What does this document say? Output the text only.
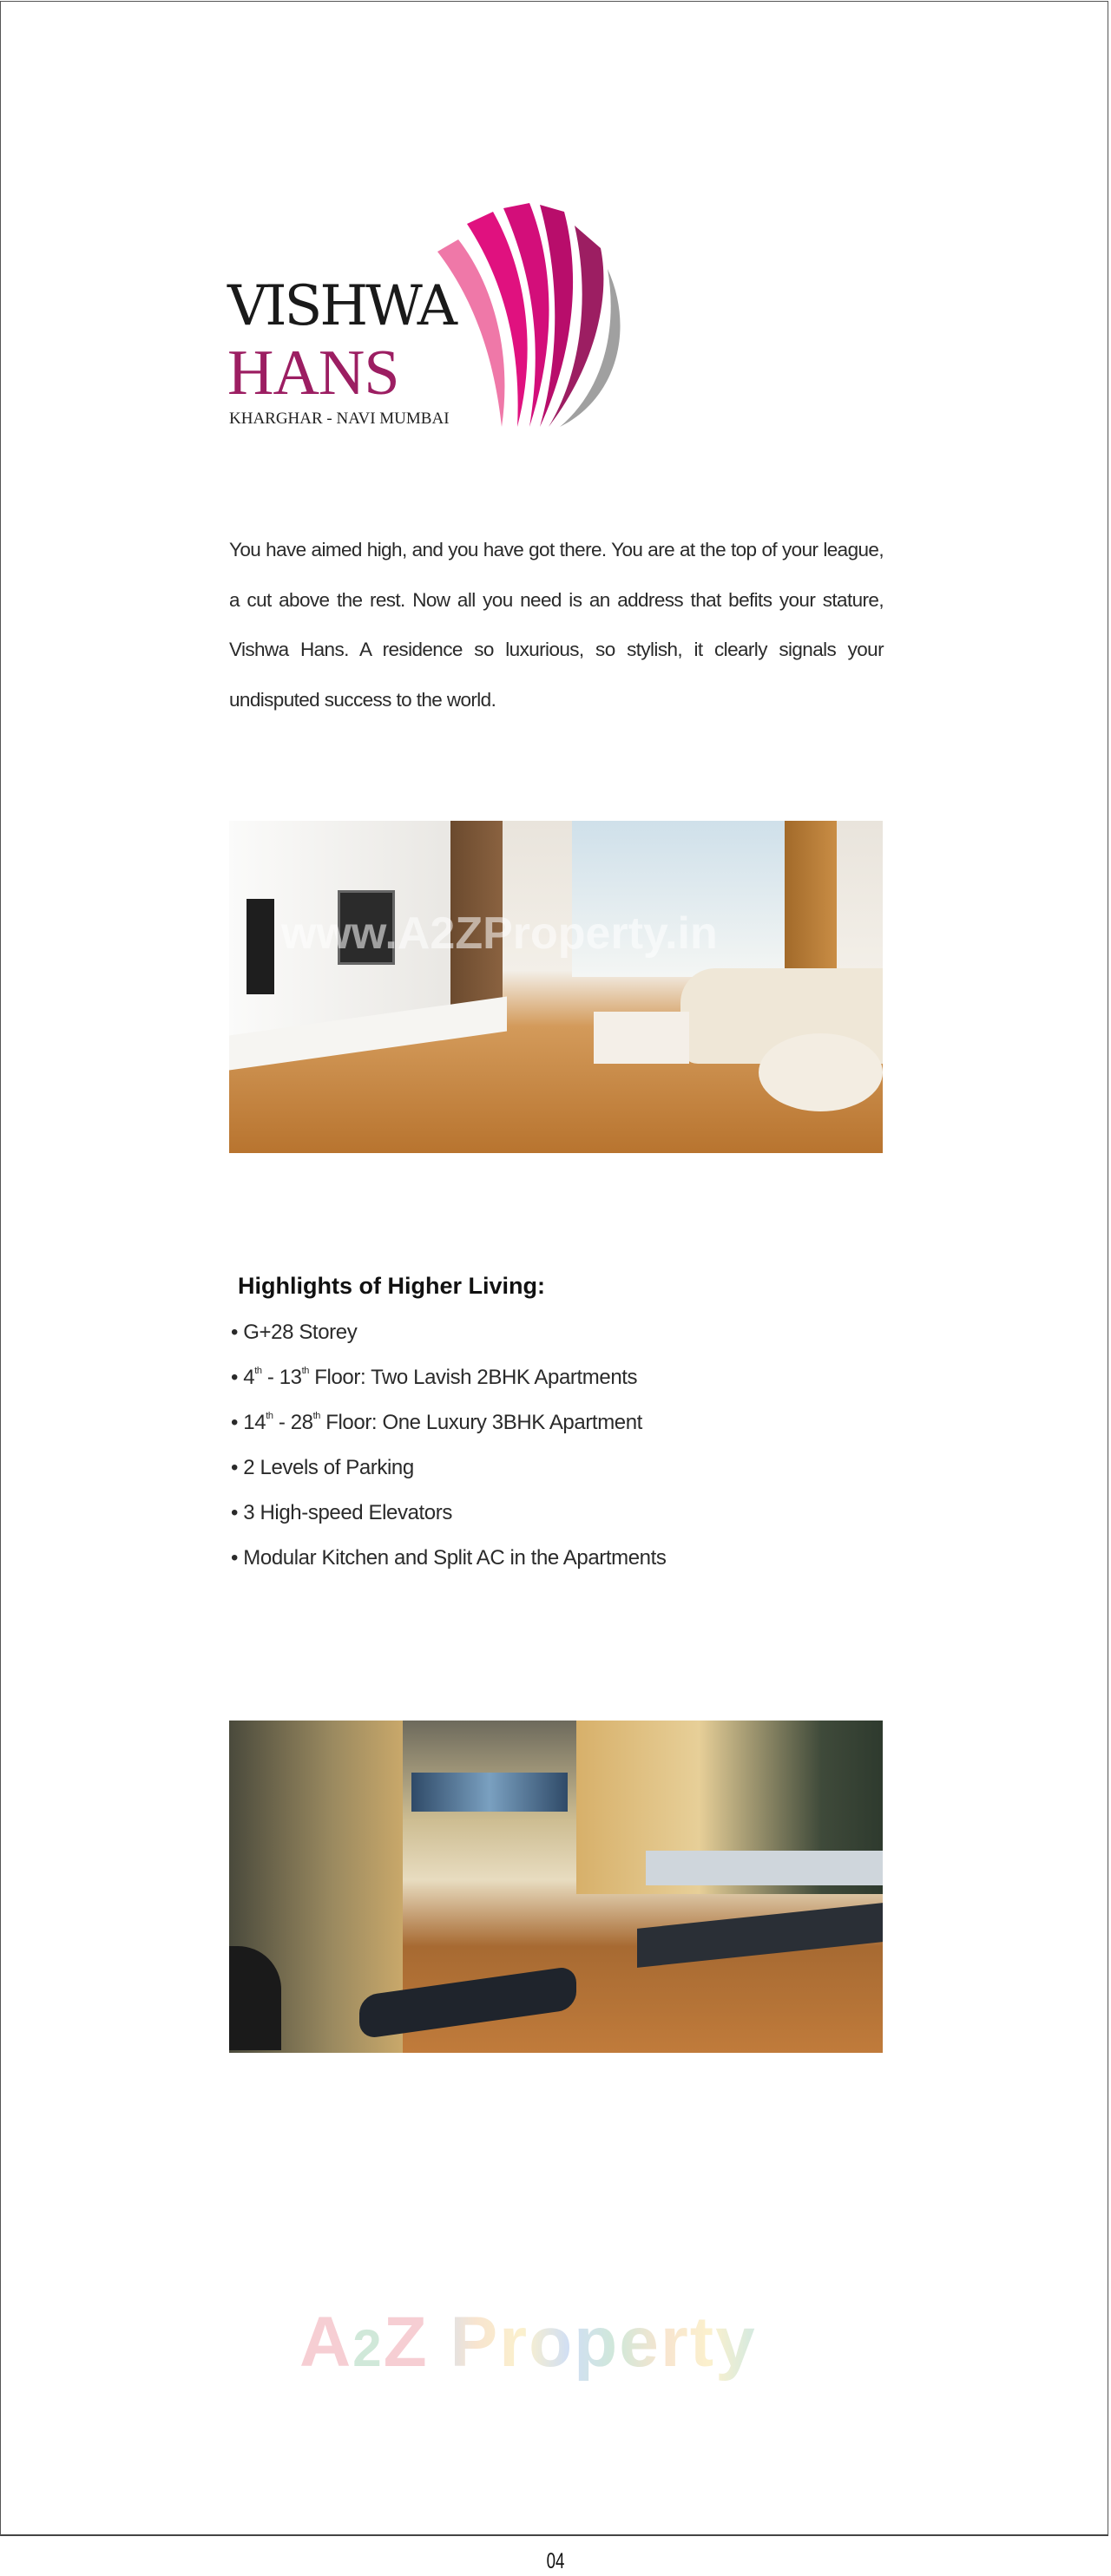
VISHWA
HANS
KHARGHAR - NAVI MUMBAI

You have aimed high, and you have got there. You are at the top of your league, a cut above the rest. Now all you need is an address that befits your stature, Vishwa Hans. A residence so luxurious, so stylish, it clearly signals your undisputed success to the world.

www.A2ZProperty.in
Highlights of Higher Living:
• G+28 Storey
• 4th - 13th Floor: Two Lavish 2BHK Apartments
• 14th - 28th Floor: One Luxury 3BHK Apartment
• 2 Levels of Parking
• 3 High-speed Elevators
• Modular Kitchen and Split AC in the Apartments
A2Z Property
04
